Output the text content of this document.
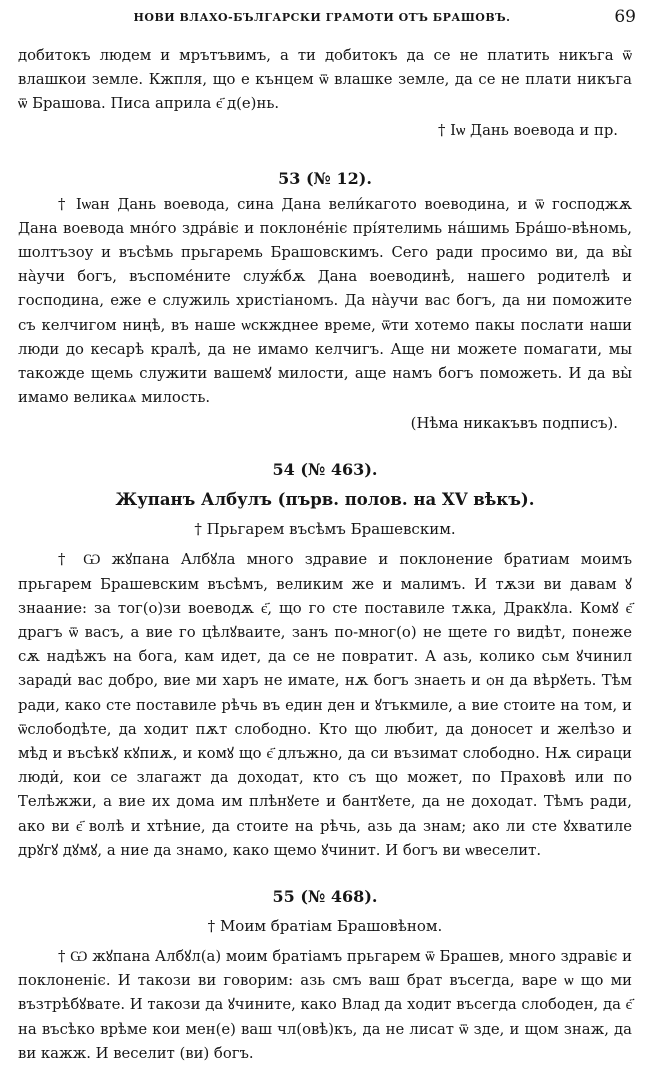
НОВИ ВЛАХО-БЪЛГАРСКИ ГРАМОТИ ОТЪ БРАШОВЪ.	69

добитокъ людем и мрътъвимъ, а ти добитокъ да се не платить никъга ѿ влашкои земле. Кжпля, що е кънцем ѿ влашке земле, да се не плати никъга ѿ Брашова. Писа априла є҃ д(е)нь.

† Іѡ Дань воевода и пр.

53 (№ 12).

† Іѡан Дань воевода, сина Дана вели́кагото воеводина, и ѿ господжѫ Дана воевода мно́го здра́віє и поклоне́ніє прі́ятелимь на́шимь Бра́шо-вѣномь, шолтъзоу и въсѣмь прьгаремь Брашовскимъ. Сего ради просимо ви, да вы̀ на̀учи богъ, въспоме́ните служ́бѫ Дана воеводинѣ, нашего родителѣ и господина, еже е служиль христіаномъ. Да на̀учи вас богъ, да ни поможите съ келчигом ниңѣ, въ наше ѡскжднее време, ѿти хотемо пакы послати наши люди до кесарѣ кралѣ, да не имамо келчигъ. Аще ни можете помагати, мы такожде щемь служити вашемꙋ милости, аще намъ богъ поможеть. И да вы̀ имамо великаѧ милость.

(Нѣма никакъвъ подписъ).

54 (№ 463).
Жупанъ Албулъ (първ. полов. на XV вѣкъ).

† Прьгарем въсѣмъ Брашевским.

† Ѡ жꙋпана Албꙋла много здравие и поклонение братиам моимъ прьгарем Брашевским въсѣмъ, великим же и малимъ. И тѫзи ви давам ꙋ знаание: за тог(о)зи воеводѫ є҃, що го сте поставиле тѫка, Дракꙋла. Комꙋ є҃ драгъ ѿ васъ, а вие го цѣлꙋваите, занъ по-мног(о) не щете го видѣт, понеже сѫ надѣжъ на бога, кам идет, да се не повратит. А азь, колико сьм ꙋчинил заради̇ вас добро, вие ми харъ не имате, нѫ богъ знаеть и ѻн да вѣрꙋеть. Тѣм ради, како сте поставиле рѣчь въ един ден и ꙋтъкмиле, а вие стоите на том, и ѿслободѣте, да ходит пѫт слободно. Кто що любит, да доносет и желѣзо и мѣд и въсѣкꙋ кꙋпиѫ, и комꙋ що є҃ длъжно, да си възимат слободно. Нѫ сираци люди̇, кои се злагажт да доходат, кто съ що может, по Праховѣ или по Телѣжжи, а вие их дома им плѣнꙋете и бантꙋете, да не доходат. Тѣмъ ради, ако ви є҃ волѣ и хтѣние, да стоите на рѣчь, азь да знам; ако ли сте ꙋхватиле дрꙋгꙋ дꙋмꙋ, а ние да знамо, како щемо ꙋчинит. И богъ ви ѡвеселит.

55 (№ 468).

† Моим братіам Брашовѣном.

† Ѡ жꙋпана Албꙋл(а) моим братіамъ прьгарем ѿ Брашев, много здравіє и поклоненіє. И такози ви говорим: азь смъ ваш брат въсегда, варе ѡ що ми възтрѣбꙋвате. И такози да ꙋчините, како Влад да ходит въсегда слободен, да є҃ на въсѣко врѣме кои мен(е) ваш чл(овѣ)къ, да не лисат ѿ зде, и щом знаж, да ви кажж. И веселит (ви) богъ.
